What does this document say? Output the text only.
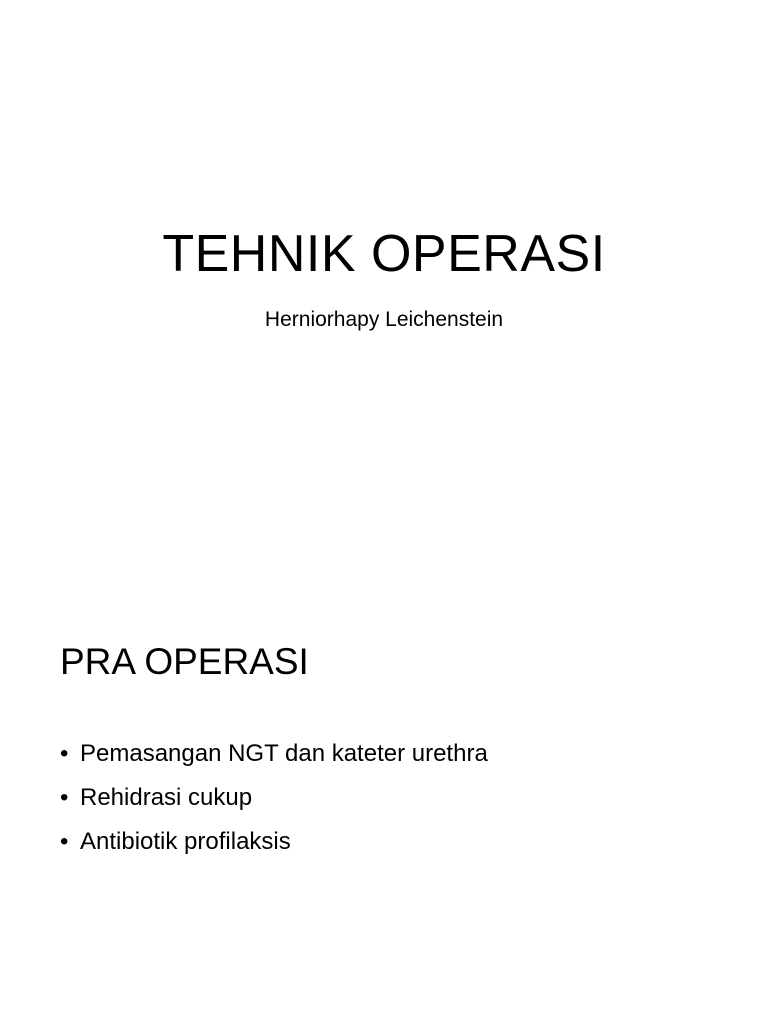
TEHNIK OPERASI

Herniorhapy Leichenstein

PRA OPERASI
• Pemasangan NGT dan kateter urethra
• Rehidrasi cukup
• Antibiotik profilaksis
